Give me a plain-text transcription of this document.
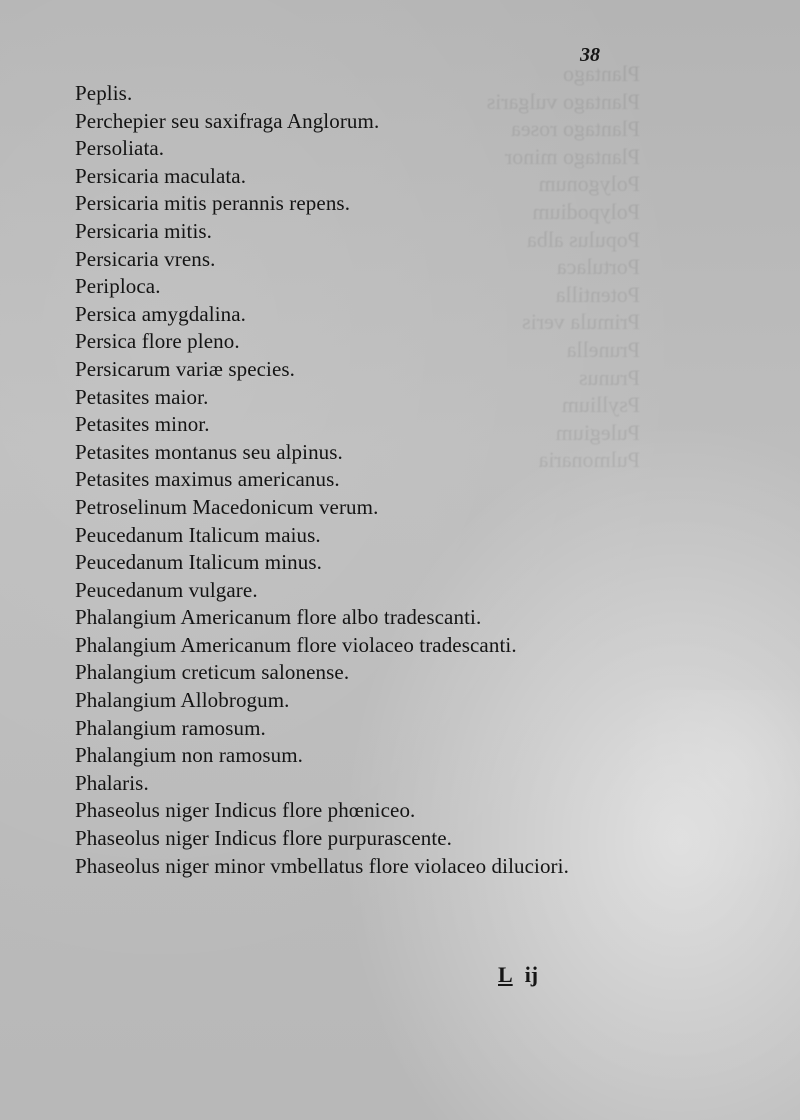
Plantago
Plantago vulgaris
Plantago rosea
Plantago minor
Polygonum
Polypodium
Populus alba
Portulaca
Potentilla
Primula veris
Prunella
Prunus
Psyllium
Pulegium
Pulmonaria
38
Peplis.
Perchepier seu saxifraga Anglorum.
Persoliata.
Persicaria maculata.
Persicaria mitis perannis repens.
Persicaria mitis.
Persicaria vrens.
Periploca.
Persica amygdalina.
Persica flore pleno.
Persicarum variæ species.
Petasites maior.
Petasites minor.
Petasites montanus seu alpinus.
Petasites maximus americanus.
Petroselinum Macedonicum verum.
Peucedanum Italicum maius.
Peucedanum Italicum minus.
Peucedanum vulgare.
Phalangium Americanum flore albo tradescanti.
Phalangium Americanum flore violaceo tradescanti.
Phalangium creticum salonense.
Phalangium Allobrogum.
Phalangium ramosum.
Phalangium non ramosum.
Phalaris.
Phaseolus niger Indicus flore phœniceo.
Phaseolus niger Indicus flore purpurascente.
Phaseolus niger minor vmbellatus flore violaceo diluciori.
L ij
